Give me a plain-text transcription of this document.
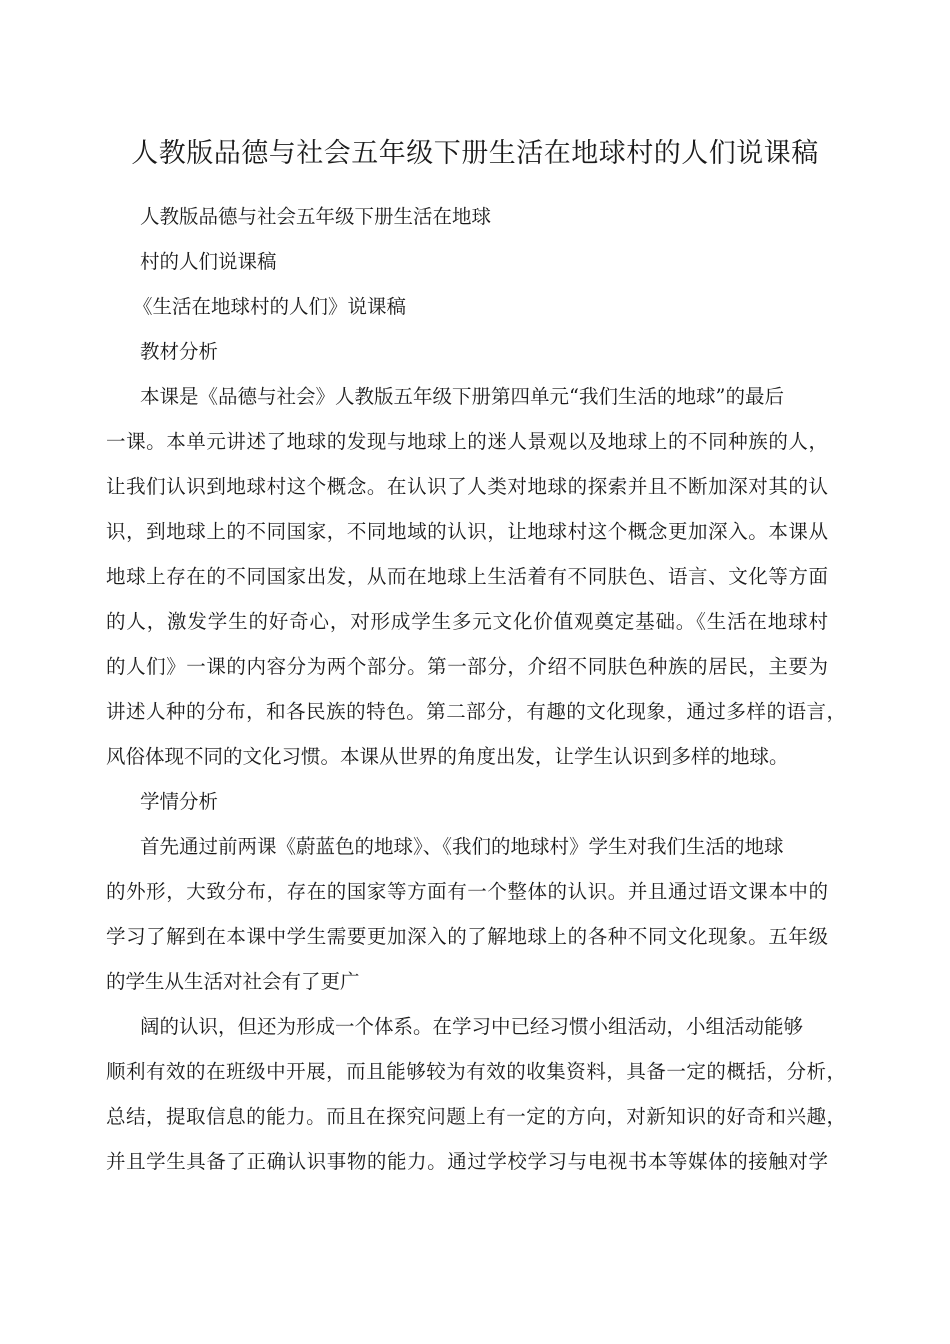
人教版品德与社会五年级下册生活在地球村的人们说课稿

人教版品德与社会五年级下册生活在地球

村的人们说课稿

《生活在地球村的人们》说课稿

教材分析

本课是《品德与社会》人教版五年级下册第四单元“我们生活的地球”的最后

一课。本单元讲述了地球的发现与地球上的迷人景观以及地球上的不同种族的人，

让我们认识到地球村这个概念。在认识了人类对地球的探索并且不断加深对其的认

识，到地球上的不同国家，不同地域的认识，让地球村这个概念更加深入。本课从

地球上存在的不同国家出发，从而在地球上生活着有不同肤色、语言、文化等方面

的人，激发学生的好奇心，对形成学生多元文化价值观奠定基础。《生活在地球村

的人们》一课的内容分为两个部分。第一部分，介绍不同肤色种族的居民，主要为

讲述人种的分布，和各民族的特色。第二部分，有趣的文化现象，通过多样的语言，

风俗体现不同的文化习惯。本课从世界的角度出发，让学生认识到多样的地球。

学情分析

首先通过前两课《蔚蓝色的地球》、《我们的地球村》学生对我们生活的地球

的外形，大致分布，存在的国家等方面有一个整体的认识。并且通过语文课本中的

学习了解到在本课中学生需要更加深入的了解地球上的各种不同文化现象。五年级

的学生从生活对社会有了更广

阔的认识，但还为形成一个体系。在学习中已经习惯小组活动，小组活动能够

顺利有效的在班级中开展，而且能够较为有效的收集资料，具备一定的概括，分析，

总结，提取信息的能力。而且在探究问题上有一定的方向，对新知识的好奇和兴趣，

并且学生具备了正确认识事物的能力。通过学校学习与电视书本等媒体的接触对学
